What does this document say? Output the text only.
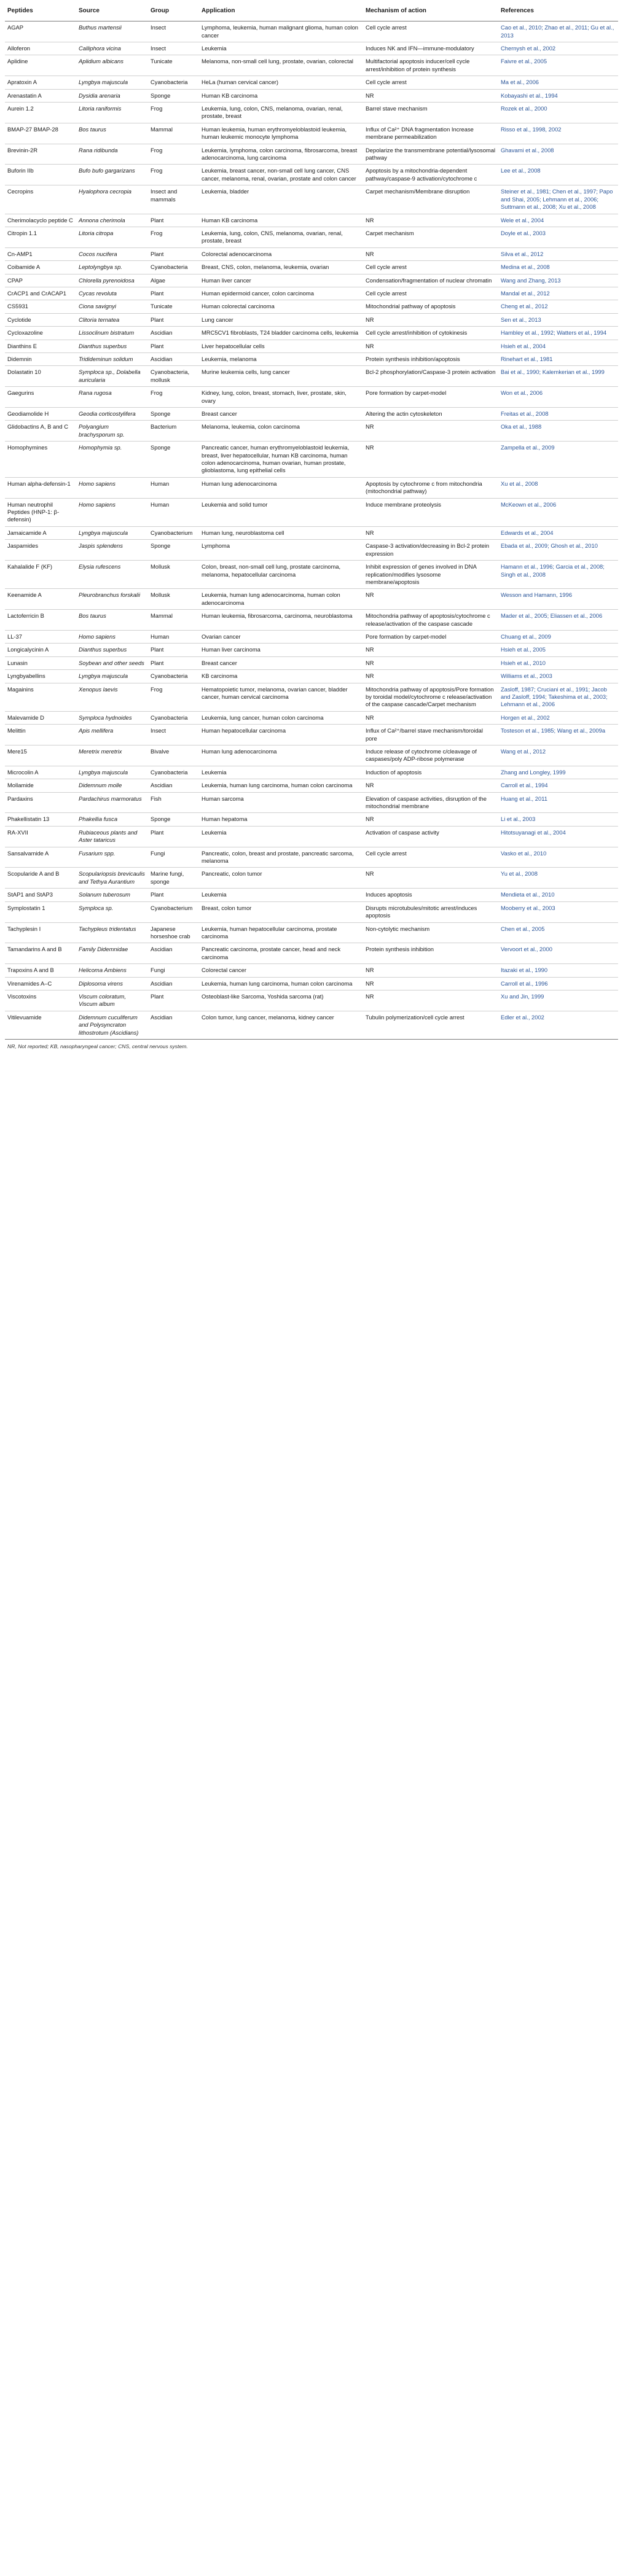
Peptides	Source	Group	Application	Mechanism of action	References
AGAP	Buthus martensii	Insect	Lymphoma, leukemia, human malignant glioma, human colon cancer	Cell cycle arrest	Cao et al., 2010; Zhao et al., 2011; Gu et al., 2013
Alloferon	Calliphora vicina	Insect	Leukemia	Induces NK and IFN—immune-modulatory	Chernysh et al., 2002
Aplidine	Aplidium albicans	Tunicate	Melanoma, non-small cell lung, prostate, ovarian, colorectal	Multifactorial apoptosis inducer/cell cycle arrest/inhibition of protein synthesis	Faivre et al., 2005
Apratoxin A	Lyngbya majuscula	Cyanobacteria	HeLa (human cervical cancer)	Cell cycle arrest	Ma et al., 2006
Arenastatin A	Dysidia arenaria	Sponge	Human KB carcinoma	NR	Kobayashi et al., 1994
Aurein 1.2	Litoria raniformis	Frog	Leukemia, lung, colon, CNS, melanoma, ovarian, renal, prostate, breast	Barrel stave mechanism	Rozek et al., 2000
BMAP-27 BMAP-28	Bos taurus	Mammal	Human leukemia, human erythromyeloblastoid leukemia, human leukemic monocyte lymphoma	Influx of Ca²⁺ DNA fragmentation Increase membrane permeabilization	Risso et al., 1998, 2002
Brevinin-2R	Rana ridibunda	Frog	Leukemia, lymphoma, colon carcinoma, fibrosarcoma, breast adenocarcinoma, lung carcinoma	Depolarize the transmembrane potential/lysosomal pathway	Ghavami et al., 2008
Buforin IIb	Bufo bufo gargarizans	Frog	Leukemia, breast cancer, non-small cell lung cancer, CNS cancer, melanoma, renal, ovarian, prostate and colon cancer	Apoptosis by a mitochondria-dependent pathway/caspase-9 activation/cytochrome c	Lee et al., 2008
Cecropins	Hyalophora cecropia	Insect and mammals	Leukemia, bladder	Carpet mechanism/Membrane disruption	Steiner et al., 1981; Chen et al., 1997; Papo and Shai, 2005; Lehmann et al., 2006; Suttmann et al., 2008; Xu et al., 2008
Cherimolacyclo peptide C	Annona cherimola	Plant	Human KB carcinoma	NR	Wele et al., 2004
Citropin 1.1	Litoria citropa	Frog	Leukemia, lung, colon, CNS, melanoma, ovarian, renal, prostate, breast	Carpet mechanism	Doyle et al., 2003
Cn-AMP1	Cocos nucifera	Plant	Colorectal adenocarcinoma	NR	Silva et al., 2012
Coibamide A	Leptolyngbya sp.	Cyanobacteria	Breast, CNS, colon, melanoma, leukemia, ovarian	Cell cycle arrest	Medina et al., 2008
CPAP	Chlorella pyrenoidosa	Algae	Human liver cancer	Condensation/fragmentation of nuclear chromatin	Wang and Zhang, 2013
CrACP1 and CrACAP1	Cycas revoluta	Plant	Human epidermoid cancer, colon carcinoma	Cell cycle arrest	Mandal et al., 2012
CS5931	Ciona savignyi	Tunicate	Human colorectal carcinoma	Mitochondrial pathway of apoptosis	Cheng et al., 2012
Cyclotide	Clitoria ternatea	Plant	Lung cancer	NR	Sen et al., 2013
Cycloxazoline	Lissoclinum bistratum	Ascidian	MRC5CV1 fibroblasts, T24 bladder carcinoma cells, leukemia	Cell cycle arrest/inhibition of cytokinesis	Hambley et al., 1992; Watters et al., 1994
Dianthins E	Dianthus superbus	Plant	Liver hepatocellular cells	NR	Hsieh et al., 2004
Didemnin	Tridideminun solidum	Ascidian	Leukemia, melanoma	Protein synthesis inhibition/apoptosis	Rinehart et al., 1981
Dolastatin 10	Symploca sp., Dolabella auricularia	Cyanobacteria, mollusk	Murine leukemia cells, lung cancer	Bcl-2 phosphorylation/Caspase-3 protein activation	Bai et al., 1990; Kalemkerian et al., 1999
Gaegurins	Rana rugosa	Frog	Kidney, lung, colon, breast, stomach, liver, prostate, skin, ovary	Pore formation by carpet-model	Won et al., 2006
Geodiamolide H	Geodia corticostylifera	Sponge	Breast cancer	Altering the actin cytoskeleton	Freitas et al., 2008
Glidobactins A, B and C	Polyangium brachysporum sp.	Bacterium	Melanoma, leukemia, colon carcinoma	NR	Oka et al., 1988
Homophymines	Homophymia sp.	Sponge	Pancreatic cancer, human erythromyeloblastoid leukemia, breast, liver hepatocellular, human KB carcinoma, human colon adenocarcinoma, human ovarian, human prostate, glioblastoma, lung epithelial cells	NR	Zampella et al., 2009
Human alpha-defensin-1	Homo sapiens	Human	Human lung adenocarcinoma	Apoptosis by cytochrome c from mitochondria (mitochondrial pathway)	Xu et al., 2008
Human neutrophil Peptides (HNP-1: β-defensin)	Homo sapiens	Human	Leukemia and solid tumor	Induce membrane proteolysis	McKeown et al., 2006
Jamaicamide A	Lyngbya majuscula	Cyanobacterium	Human lung, neuroblastoma cell	NR	Edwards et al., 2004
Jaspamides	Jaspis splendens	Sponge	Lymphoma	Caspase-3 activation/decreasing in Bcl-2 protein expression	Ebada et al., 2009; Ghosh et al., 2010
Kahalalide F (KF)	Elysia rufescens	Mollusk	Colon, breast, non-small cell lung, prostate carcinoma, melanoma, hepatocellular carcinoma	Inhibit expression of genes involved in DNA replication/modifies lysosome membrane/apoptosis	Hamann et al., 1996; Garcia et al., 2008; Singh et al., 2008
Keenamide A	Pleurobranchus forskalii	Mollusk	Leukemia, human lung adenocarcinoma, human colon adenocarcinoma	NR	Wesson and Hamann, 1996
Lactoferricin B	Bos taurus	Mammal	Human leukemia, fibrosarcoma, carcinoma, neuroblastoma	Mitochondria pathway of apoptosis/cytochrome c release/activation of the caspase cascade	Mader et al., 2005; Eliassen et al., 2006
LL-37	Homo sapiens	Human	Ovarian cancer	Pore formation by carpet-model	Chuang et al., 2009
Longicalycinin A	Dianthus superbus	Plant	Human liver carcinoma	NR	Hsieh et al., 2005
Lunasin	Soybean and other seeds	Plant	Breast cancer	NR	Hsieh et al., 2010
Lyngbyabellins	Lyngbya majuscula	Cyanobacteria	KB carcinoma	NR	Williams et al., 2003
Magainins	Xenopus laevis	Frog	Hematopoietic tumor, melanoma, ovarian cancer, bladder cancer, human cervical carcinoma	Mitochondria pathway of apoptosis/Pore formation by toroidal model/cytochrome c release/activation of the caspase cascade/Carpet mechanism	Zasloff, 1987; Cruciani et al., 1991; Jacob and Zasloff, 1994; Takeshima et al., 2003; Lehmann et al., 2006
Malevamide D	Symploca hydnoides	Cyanobacteria	Leukemia, lung cancer, human colon carcinoma	NR	Horgen et al., 2002
Melittin	Apis mellifera	Insect	Human hepatocellular carcinoma	Influx of Ca²⁺/barrel stave mechanism/toroidal pore	Tosteson et al., 1985; Wang et al., 2009a
Mere15	Meretrix meretrix	Bivalve	Human lung adenocarcinoma	Induce release of cytochrome c/cleavage of caspases/poly ADP-ribose polymerase	Wang et al., 2012
Microcolin A	Lyngbya majuscula	Cyanobacteria	Leukemia	Induction of apoptosis	Zhang and Longley, 1999
Mollamide	Didemnum molle	Ascidian	Leukemia, human lung carcinoma, human colon carcinoma	NR	Carroll et al., 1994
Pardaxins	Pardachirus marmoratus	Fish	Human sarcoma	Elevation of caspase activities, disruption of the mitochondrial membrane	Huang et al., 2011
Phakellistatin 13	Phakellia fusca	Sponge	Human hepatoma	NR	Li et al., 2003
RA-XVII	Rubiaceous plants and Aster tataricus	Plant	Leukemia	Activation of caspase activity	Hitotsuyanagi et al., 2004
Sansalvamide A	Fusarium spp.	Fungi	Pancreatic, colon, breast and prostate, pancreatic sarcoma, melanoma	Cell cycle arrest	Vasko et al., 2010
Scopularide A and B	Scopulariopsis brevicaulis and Tethya Aurantium	Marine fungi, sponge	Pancreatic, colon tumor	NR	Yu et al., 2008
StAP1 and StAP3	Solanum tuberosum	Plant	Leukemia	Induces apoptosis	Mendieta et al., 2010
Symplostatin 1	Symploca sp.	Cyanobacterium	Breast, colon tumor	Disrupts microtubules/mitotic arrest/induces apoptosis	Mooberry et al., 2003
Tachyplesin I	Tachypleus tridentatus	Japanese horseshoe crab	Leukemia, human hepatocellular carcinoma, prostate carcinoma	Non-cytolytic mechanism	Chen et al., 2005
Tamandarins A and B	Family Didemnidae	Ascidian	Pancreatic carcinoma, prostate cancer, head and neck carcinoma	Protein synthesis inhibition	Vervoort et al., 2000
Trapoxins A and B	Helicoma Ambiens	Fungi	Colorectal cancer	NR	Itazaki et al., 1990
Virenamides A–C	Diplosoma virens	Ascidian	Leukemia, human lung carcinoma, human colon carcinoma	NR	Carroll et al., 1996
Viscotoxins	Viscum coloratum, Viscum album	Plant	Osteoblast-like Sarcoma, Yoshida sarcoma (rat)	NR	Xu and Jin, 1999
Vitilevuamide	Didemnum cuculiferum and Polysyncraton lithostrotum (Ascidians)	Ascidian	Colon tumor, lung cancer, melanoma, kidney cancer	Tubulin polymerization/cell cycle arrest	Edler et al., 2002
NR, Not reported; KB, nasopharyngeal cancer; CNS, central nervous system.
